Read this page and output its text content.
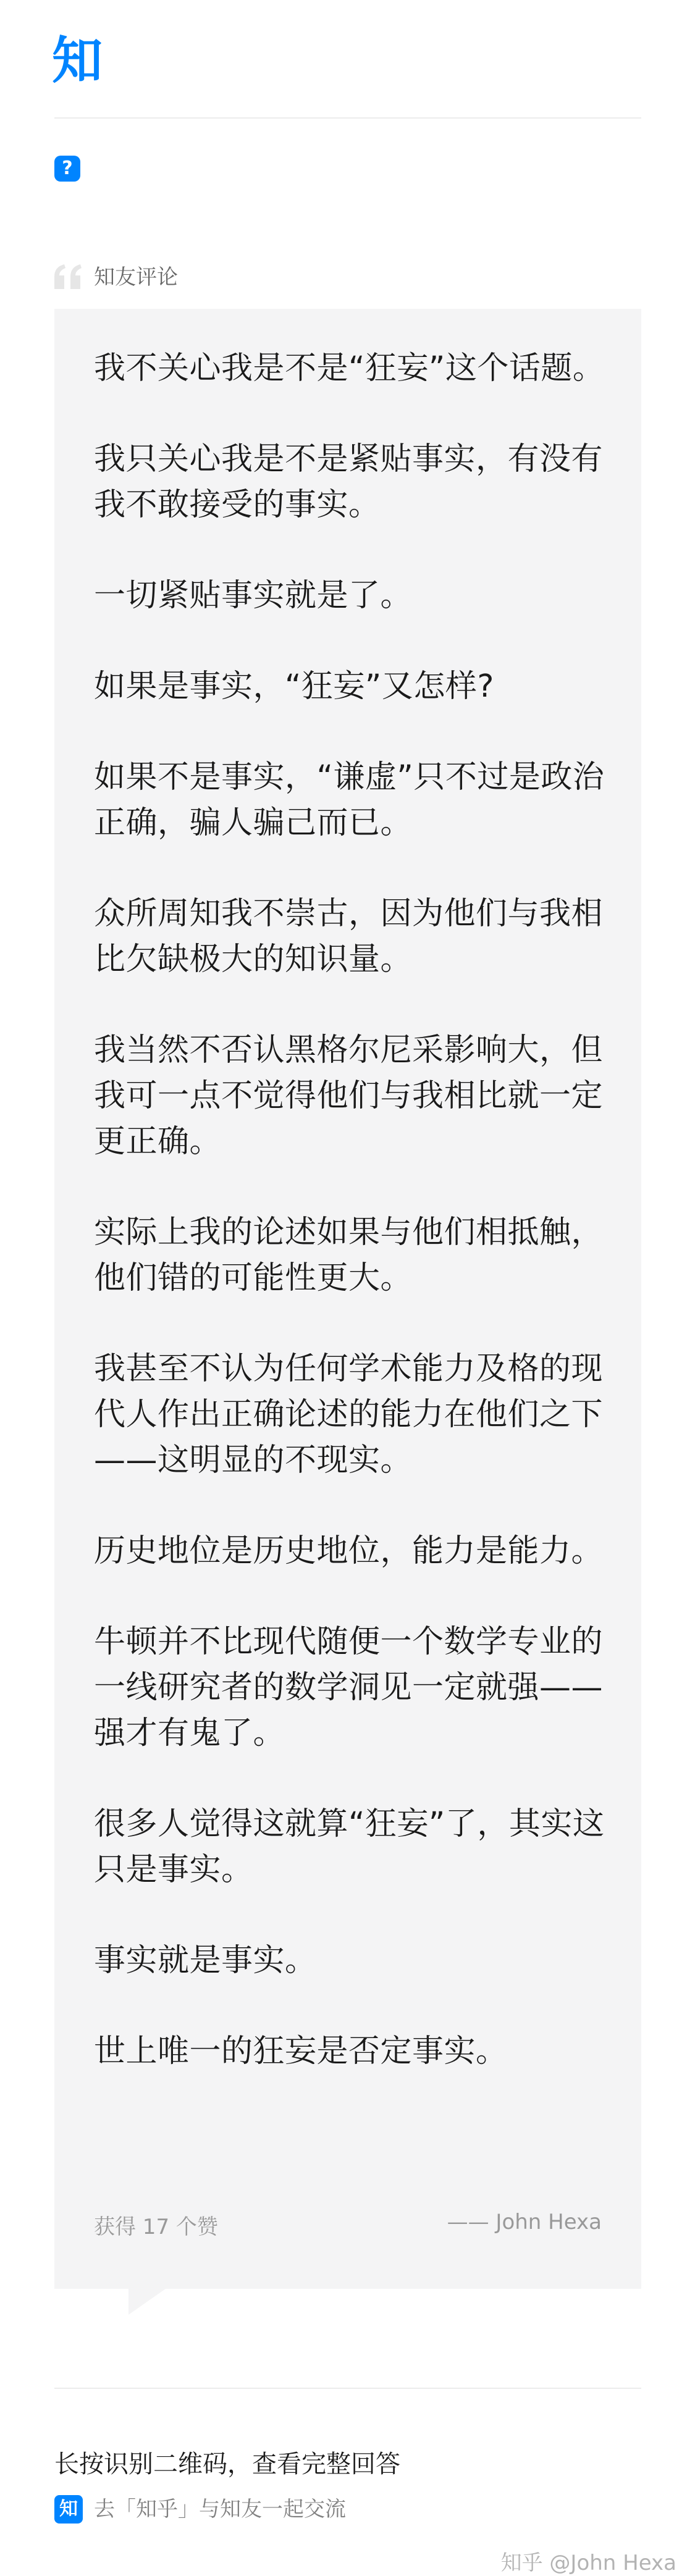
知
?
知友评论

我不关心我是不是“狂妄”这个话题。

我只关心我是不是紧贴事实，有没有我不敢接受的事实。

一切紧贴事实就是了。

如果是事实，“狂妄”又怎样?

如果不是事实，“谦虚”只不过是政治正确，骗人骗己而已。

众所周知我不崇古，因为他们与我相比欠缺极大的知识量。

我当然不否认黑格尔尼采影响大，但我可一点不觉得他们与我相比就一定更正确。

实际上我的论述如果与他们相抵触，他们错的可能性更大。

我甚至不认为任何学术能力及格的现代人作出正确论述的能力在他们之下——这明显的不现实。

历史地位是历史地位，能力是能力。

牛顿并不比现代随便一个数学专业的一线研究者的数学洞见一定就强——强才有鬼了。

很多人觉得这就算“狂妄”了，其实这只是事实。

事实就是事实。

世上唯一的狂妄是否定事实。

获得 17 个赞	—— John Hexa
长按识别二维码，查看完整回答
知 去「知乎」与知友一起交流
知乎 @John Hexa
